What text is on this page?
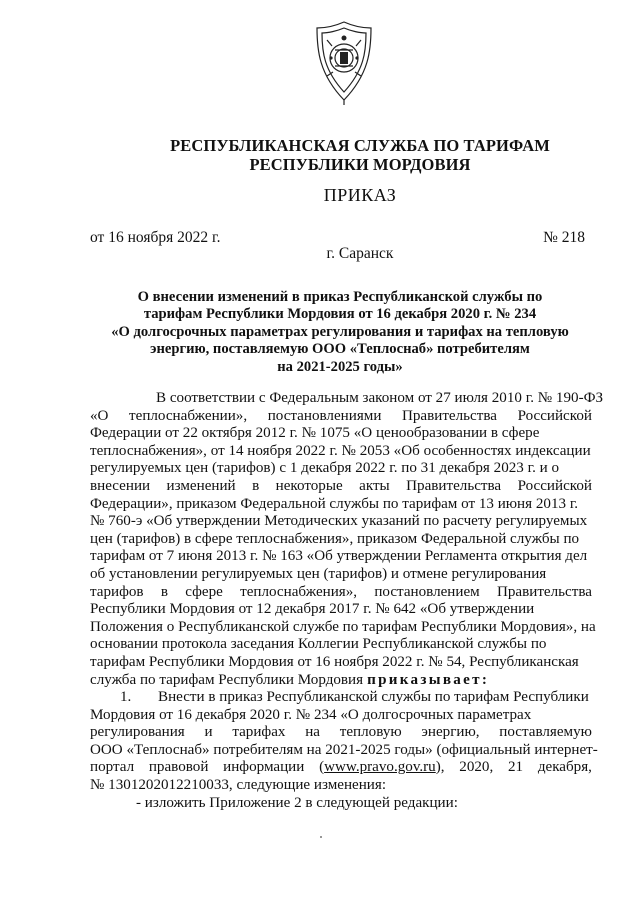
РЕСПУБЛИКАНСКАЯ СЛУЖБА ПО ТАРИФАМ
РЕСПУБЛИКИ МОРДОВИЯ
ПРИКАЗ
от 16 ноября 2022 г.	№ 218
г. Саранск
О внесении изменений в приказ Республиканской службы по
тарифам Республики Мордовия от 16 декабря 2020 г. № 234
«О долгосрочных параметрах регулирования и тарифах на тепловую
энергию, поставляемую ООО «Теплоснаб» потребителям
на 2021-2025 годы»
В соответствии с Федеральным законом от 27 июля 2010 г. № 190-ФЗ
«О теплоснабжении», постановлениями Правительства Российской
Федерации от 22 октября 2012 г. № 1075 «О ценообразовании в сфере
теплоснабжения», от 14 ноября 2022 г. № 2053 «Об особенностях индексации
регулируемых цен (тарифов) с 1 декабря 2022 г. по 31 декабря 2023 г. и о
внесении изменений в некоторые акты Правительства Российской
Федерации», приказом Федеральной службы по тарифам от 13 июня 2013 г.
№ 760-э «Об утверждении Методических указаний по расчету регулируемых
цен (тарифов) в сфере теплоснабжения», приказом Федеральной службы по
тарифам от 7 июня 2013 г. № 163 «Об утверждении Регламента открытия дел
об установлении регулируемых цен (тарифов) и отмене регулирования
тарифов в сфере теплоснабжения», постановлением Правительства
Республики Мордовия от 12 декабря 2017 г. № 642 «Об утверждении
Положения о Республиканской службе по тарифам Республики Мордовия», на
основании протокола заседания Коллегии Республиканской службы по
тарифам Республики Мордовия от 16 ноября 2022 г. № 54, Республиканская
служба по тарифам Республики Мордовия приказывает:
1.	Внести в приказ Республиканской службы по тарифам Республики
Мордовия от 16 декабря 2020 г. № 234 «О долгосрочных параметрах
регулирования и тарифах на тепловую энергию, поставляемую
ООО «Теплоснаб» потребителям на 2021-2025 годы» (официальный интернет-
портал правовой информации (www.pravo.gov.ru), 2020, 21 декабря,
№ 1301202012210033, следующие изменения:
- изложить Приложение 2 в следующей редакции:
